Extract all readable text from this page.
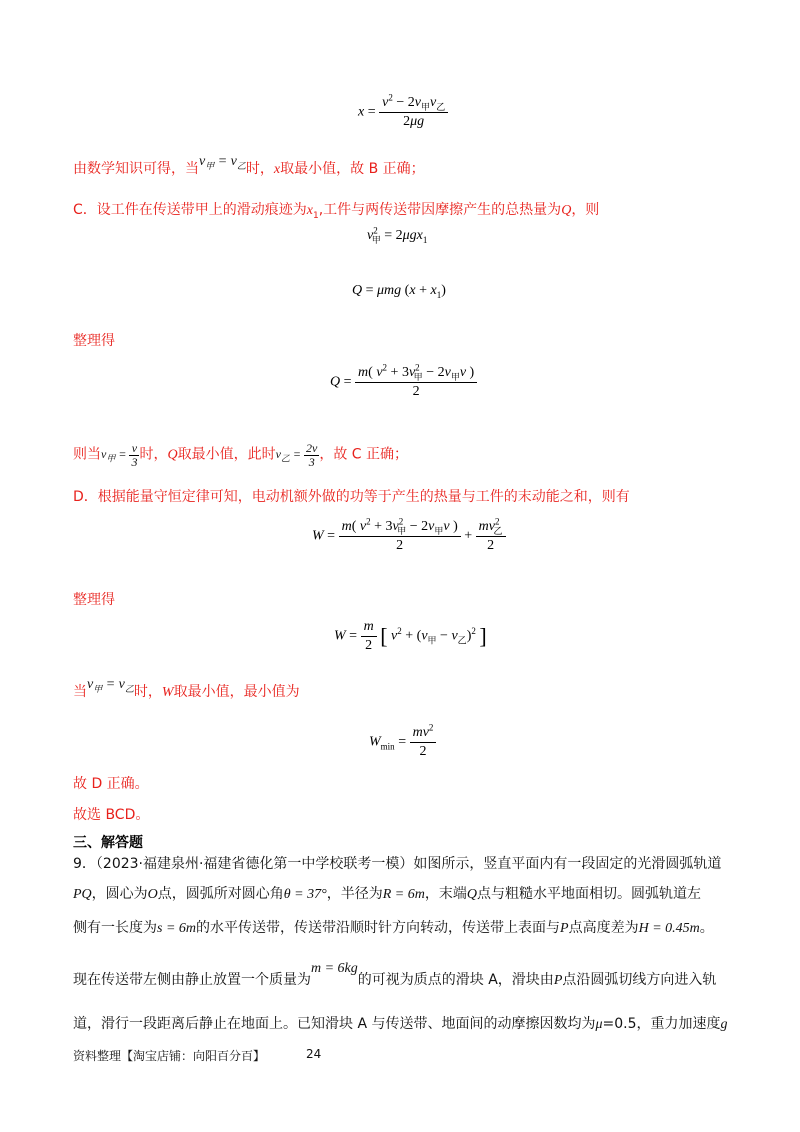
$x = \frac{v^2 - 2v_甲v_乙}{2\mu g}$
由数学知识可得，当$v_甲 = v_乙$时，x取最小值，故 B 正确；
C．设工件在传送带甲上的滑动痕迹为$x_1$,工件与两传送带因摩擦产生的总热量为Q，则
$v^2_甲 = 2\mu gx_1$
Q = μmg $(x + x_1)$
整理得
$Q = \frac{m( v^2 + 3v^2_甲 - 2v_甲v )}{2}$
则当$v_甲 = \frac{v}{3}$ 时，Q取最小值，此时$v_乙 = \frac{2v}{3}$ ，故 C 正确；
D．根据能量守恒定律可知，电动机额外做的功等于产生的热量与工件的末动能之和，则有
$W = \frac{m( v^2 + 3v^2_甲 - 2v_甲v )}{2} + \frac{mv^2_乙}{2}$
整理得
$W = \frac{m}{2}$ [ $v^2 + (v_甲 - v_乙)^2$ ]
当$v_甲 = v_乙$时，W取最小值，最小值为
$W_{min} = \frac{mv^2}{2}$
故 D 正确。
故选 BCD。
三、解答题
9．（2023·福建泉州·福建省德化第一中学校联考一模）如图所示，竖直平面内有一段固定的光滑圆弧轨道
PQ，圆心为O点，圆弧所对圆心角θ = 37°，半径为R = 6m，末端Q点与粗糙水平地面相切。圆弧轨道左
侧有一长度为s = 6m的水平传送带，传送带沿顺时针方向转动，传送带上表面与P点高度差为H = 0.45m。
现在传送带左侧由静止放置一个质量为m = 6kg的可视为质点的滑块 A，滑块由P点沿圆弧切线方向进入轨
道，滑行一段距离后静止在地面上。已知滑块 A 与传送带、地面间的动摩擦因数均为μ=0.5，重力加速度g
资料整理【淘宝店铺：向阳百分百】	24
